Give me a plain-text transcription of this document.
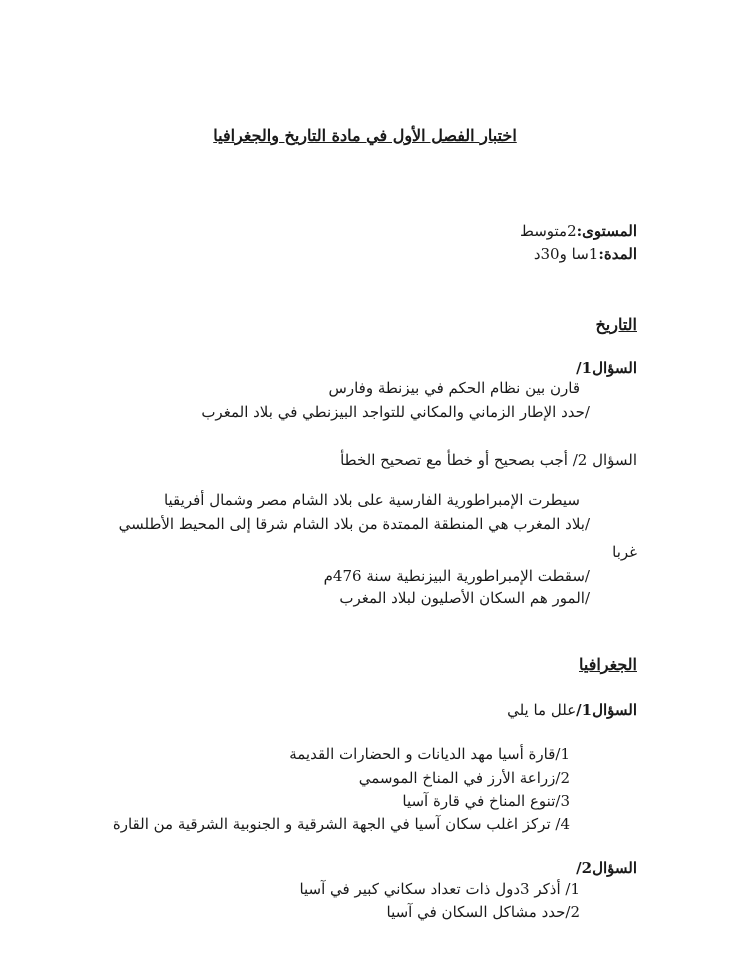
اختبار الفصل الأول في مادة التاريخ والجغرافيا
المستوى:2متوسط
المدة:1سا و30د
التاريخ
السؤال1/
قارن بين نظام الحكم في بيزنطة وفارس
/حدد الإطار الزماني والمكاني للتواجد البيزنطي في بلاد المغرب
السؤال 2/ أجب بصحيح أو خطأ مع تصحيح الخطأ
سيطرت الإمبراطورية الفارسية على بلاد الشام مصر وشمال أفريقيا
/بلاد المغرب هي المنطقة الممتدة من بلاد الشام شرقا إلى المحيط الأطلسي
غربا
/سقطت الإمبراطورية البيزنطية سنة 476م
/المور هم السكان الأصليون لبلاد المغرب
الجغرافيا
السؤال1/علل ما يلي
1/قارة أسيا مهد الديانات و الحضارات القديمة
2/زراعة الأرز في المناخ الموسمي
3/تنوع المناخ في قارة آسيا
4/ تركز اغلب سكان آسيا في الجهة الشرقية و الجنوبية الشرقية من القارة
السؤال2/
1/ أذكر 3دول ذات تعداد سكاني كبير في آسيا
2/حدد مشاكل السكان في آسيا
